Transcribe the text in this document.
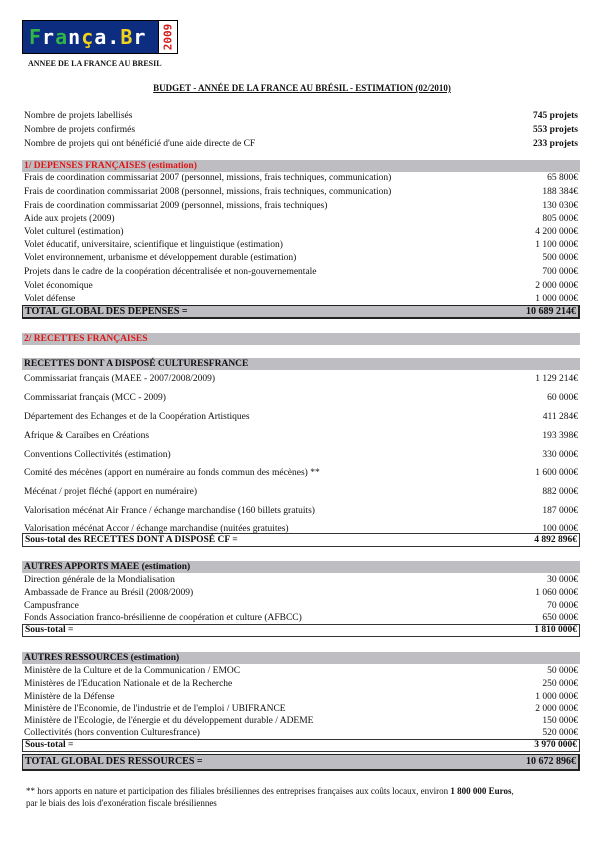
França.Br 2009
ANNEE DE LA FRANCE AU BRESIL
BUDGET - ANNÉE DE LA FRANCE AU BRÉSIL - ESTIMATION (02/2010)
Nombre de projets labellisés	745 projets
Nombre de projets confirmés	553 projets
Nombre de projets qui ont bénéficié d'une aide directe de CF	233 projets
1/ DEPENSES FRANÇAISES (estimation)
Frais de coordination commissariat 2007 (personnel, missions, frais techniques, communication)	65 800€
Frais de coordination commissariat 2008 (personnel, missions, frais techniques, communication)	188 384€
Frais de coordination commissariat 2009 (personnel, missions, frais techniques)	130 030€
Aide aux projets (2009)	805 000€
Volet culturel (estimation)	4 200 000€
Volet éducatif, universitaire, scientifique et linguistique (estimation)	1 100 000€
Volet environnement, urbanisme et développement durable (estimation)	500 000€
Projets dans le cadre de la coopération décentralisée et non-gouvernementale	700 000€
Volet économique	2 000 000€
Volet défense	1 000 000€
TOTAL GLOBAL DES DEPENSES =	10 689 214€
2/ RECETTES FRANÇAISES
RECETTES DONT A DISPOSÉ CULTURESFRANCE
Commissariat français (MAEE - 2007/2008/2009)	1 129 214€
Commissariat français (MCC - 2009)	60 000€
Département des Echanges et de la Coopération Artistiques	411 284€
Afrique & Caraïbes en Créations	193 398€
Conventions Collectivités (estimation)	330 000€
Comité des mécènes (apport en numéraire au fonds commun des mécènes) **	1 600 000€
Mécénat / projet fléché (apport en numéraire)	882 000€
Valorisation mécénat Air France / échange marchandise (160 billets gratuits)	187 000€
Valorisation mécénat Accor / échange marchandise (nuitées gratuites)	100 000€
Sous-total des RECETTES DONT A DISPOSÉ CF =	4 892 896€
AUTRES APPORTS MAEE (estimation)
Direction générale de la Mondialisation	30 000€
Ambassade de France au Brésil (2008/2009)	1 060 000€
Campusfrance	70 000€
Fonds Association franco-brésilienne de coopération et culture (AFBCC)	650 000€
Sous-total =	1 810 000€
AUTRES RESSOURCES (estimation)
Ministère de la Culture et de la Communication / EMOC	50 000€
Ministères de l'Education Nationale et de la Recherche	250 000€
Ministère de la Défense	1 000 000€
Ministère de l'Economie, de l'industrie et de l'emploi / UBIFRANCE	2 000 000€
Ministère de l'Ecologie, de l'énergie et du développement durable / ADEME	150 000€
Collectivités (hors convention Culturesfrance)	520 000€
Sous-total =	3 970 000€
TOTAL GLOBAL DES RESSOURCES =	10 672 896€
** hors apports en nature et participation des filiales brésiliennes des entreprises françaises aux coûts locaux, environ 1 800 000 Euros,
par le biais des lois d'exonération fiscale brésiliennes
